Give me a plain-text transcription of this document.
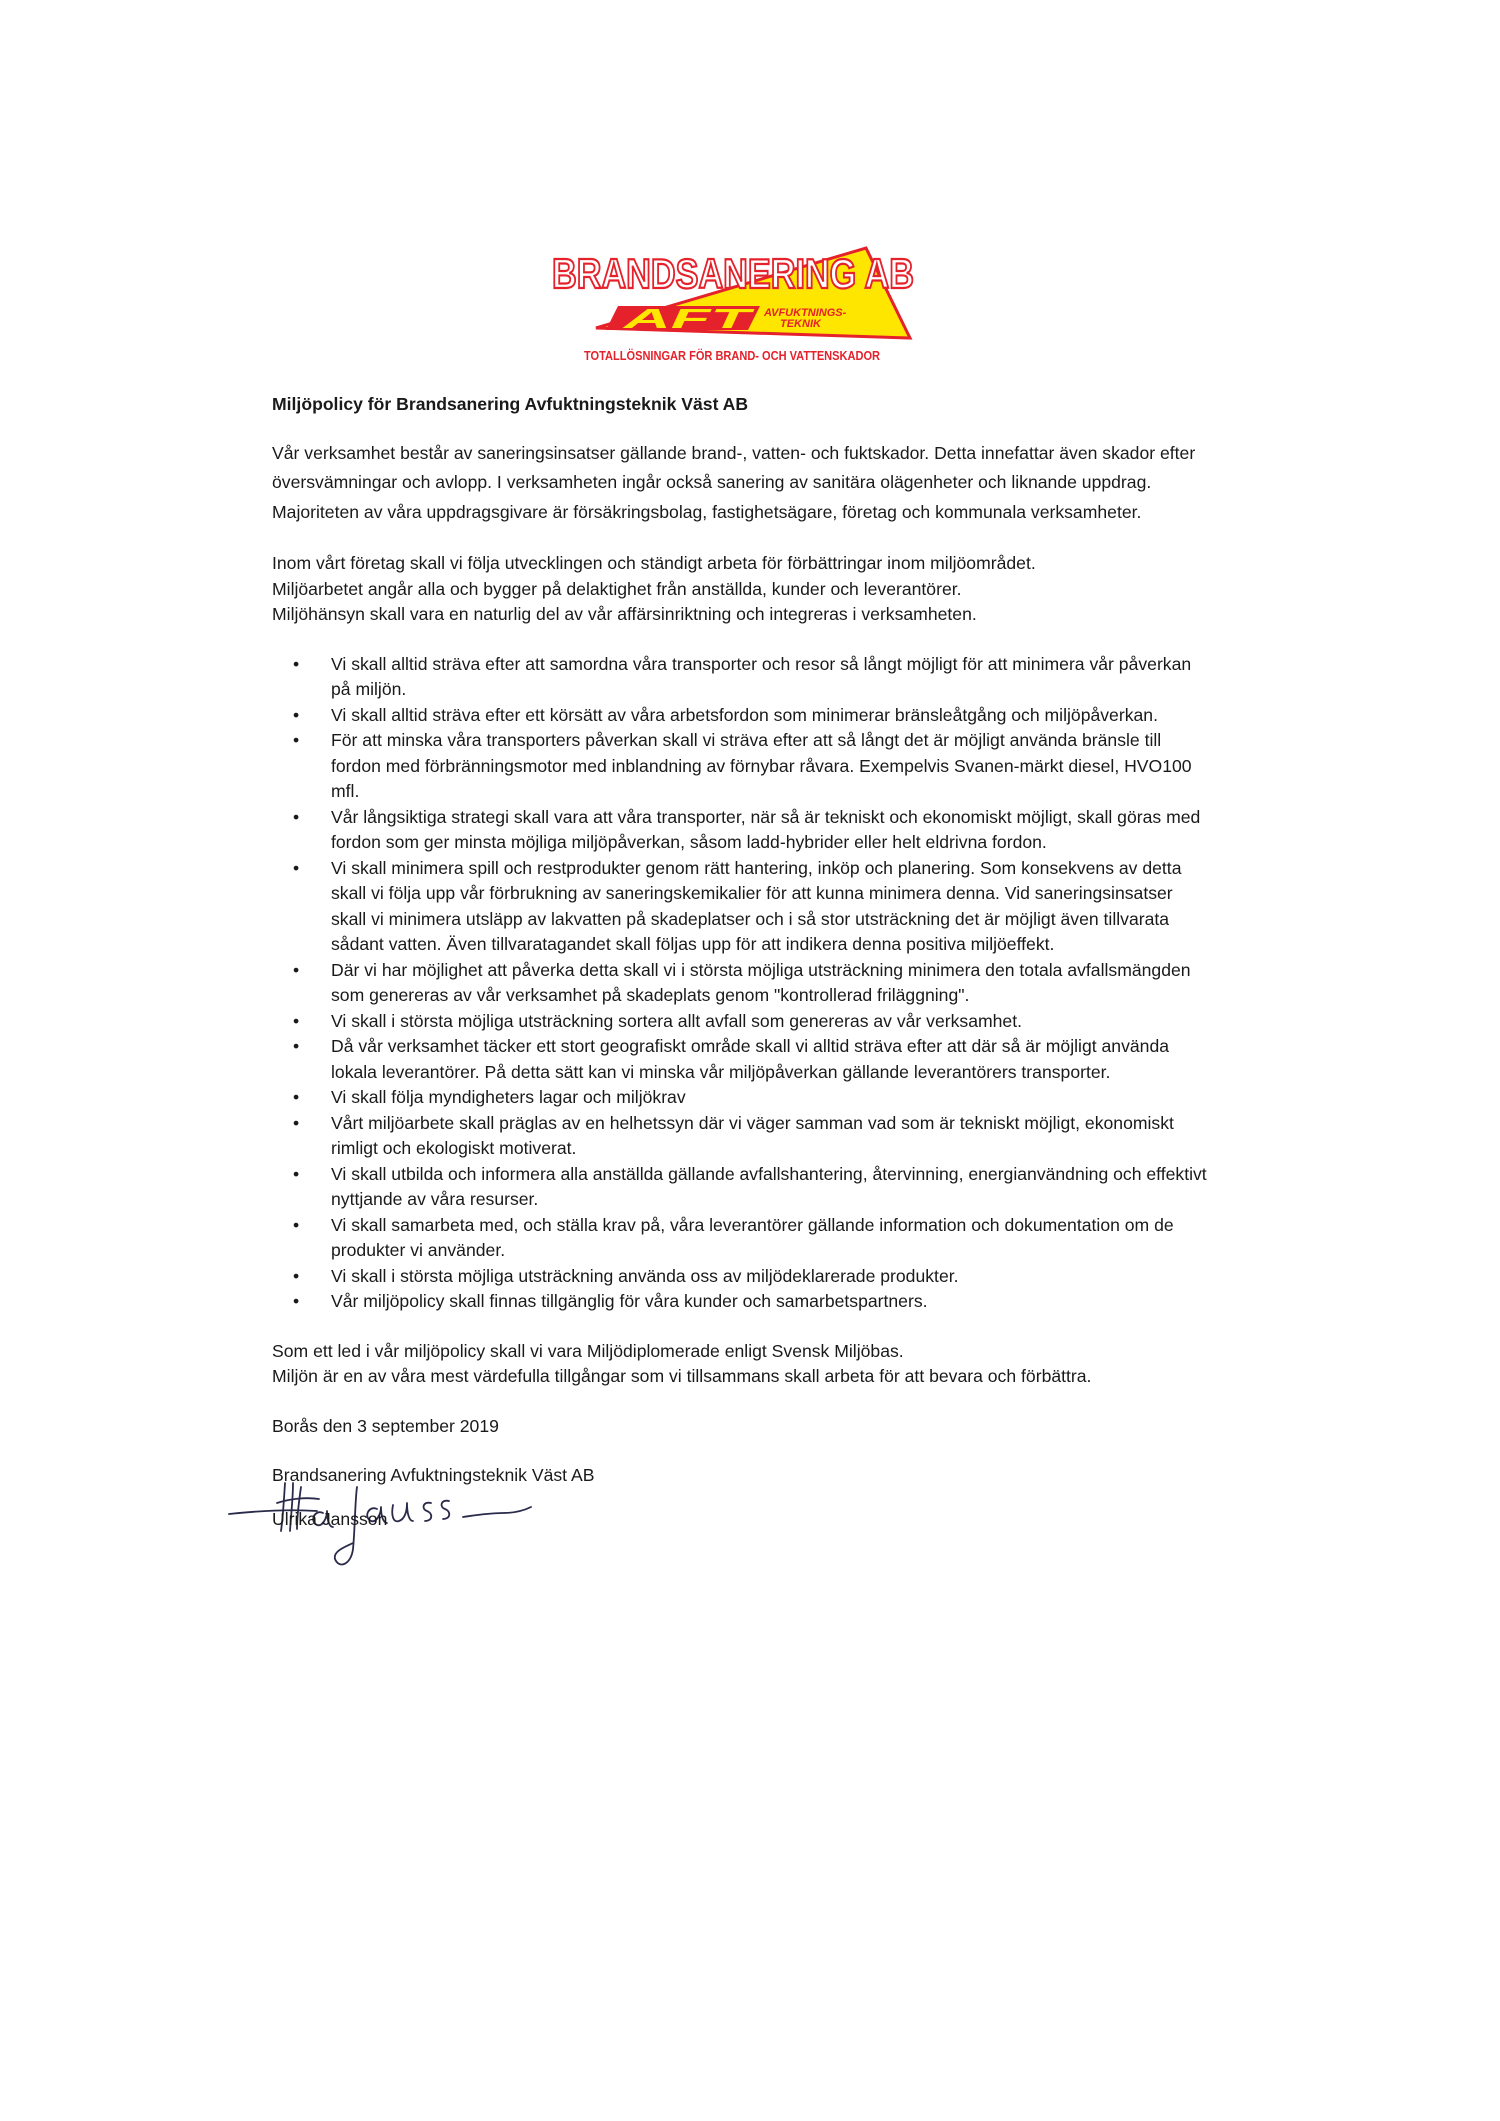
BRANDSANERING AB
AFT AVFUKTNINGS-
TEKNIK
TOTALLÖSNINGAR FÖR BRAND- OCH VATTENSKADOR
Miljöpolicy för Brandsanering Avfuktningsteknik Väst AB

Vår verksamhet består av saneringsinsatser gällande brand-, vatten- och fuktskador. Detta innefattar även skador efter översvämningar och avlopp. I verksamheten ingår också sanering av sanitära olägenheter och liknande uppdrag. Majoriteten av våra uppdragsgivare är försäkringsbolag, fastighetsägare, företag och kommunala verksamheter.

Inom vårt företag skall vi följa utvecklingen och ständigt arbeta för förbättringar inom miljöområdet. Miljöarbetet angår alla och bygger på delaktighet från anställda, kunder och leverantörer. Miljöhänsyn skall vara en naturlig del av vår affärsinriktning och integreras i verksamheten.

• Vi skall alltid sträva efter att samordna våra transporter och resor så långt möjligt för att minimera vår påverkan på miljön.
• Vi skall alltid sträva efter ett körsätt av våra arbetsfordon som minimerar bränsleåtgång och miljöpåverkan.
• För att minska våra transporters påverkan skall vi sträva efter att så långt det är möjligt använda bränsle till fordon med förbränningsmotor med inblandning av förnybar råvara. Exempelvis Svanen-märkt diesel, HVO100 mfl.
• Vår långsiktiga strategi skall vara att våra transporter, när så är tekniskt och ekonomiskt möjligt, skall göras med fordon som ger minsta möjliga miljöpåverkan, såsom ladd-hybrider eller helt eldrivna fordon.
• Vi skall minimera spill och restprodukter genom rätt hantering, inköp och planering. Som konsekvens av detta skall vi följa upp vår förbrukning av saneringskemikalier för att kunna minimera denna. Vid saneringsinsatser skall vi minimera utsläpp av lakvatten på skadeplatser och i så stor utsträckning det är möjligt även tillvarata sådant vatten. Även tillvaratagandet skall följas upp för att indikera denna positiva miljöeffekt.
• Där vi har möjlighet att påverka detta skall vi i största möjliga utsträckning minimera den totala avfallsmängden som genereras av vår verksamhet på skadeplats genom "kontrollerad friläggning".
• Vi skall i största möjliga utsträckning sortera allt avfall som genereras av vår verksamhet.
• Då vår verksamhet täcker ett stort geografiskt område skall vi alltid sträva efter att där så är möjligt använda lokala leverantörer. På detta sätt kan vi minska vår miljöpåverkan gällande leverantörers transporter.
• Vi skall följa myndigheters lagar och miljökrav
• Vårt miljöarbete skall präglas av en helhetssyn där vi väger samman vad som är tekniskt möjligt, ekonomiskt rimligt och ekologiskt motiverat.
• Vi skall utbilda och informera alla anställda gällande avfallshantering, återvinning, energianvändning och effektivt nyttjande av våra resurser.
• Vi skall samarbeta med, och ställa krav på, våra leverantörer gällande information och dokumentation om de produkter vi använder.
• Vi skall i största möjliga utsträckning använda oss av miljödeklarerade produkter.
• Vår miljöpolicy skall finnas tillgänglig för våra kunder och samarbetspartners.
Som ett led i vår miljöpolicy skall vi vara Miljödiplomerade enligt Svensk Miljöbas.
Miljön är en av våra mest värdefulla tillgångar som vi tillsammans skall arbeta för att bevara och förbättra.
Borås den 3 september 2019
Brandsanering Avfuktningsteknik Väst AB
Ulrika Jansson
